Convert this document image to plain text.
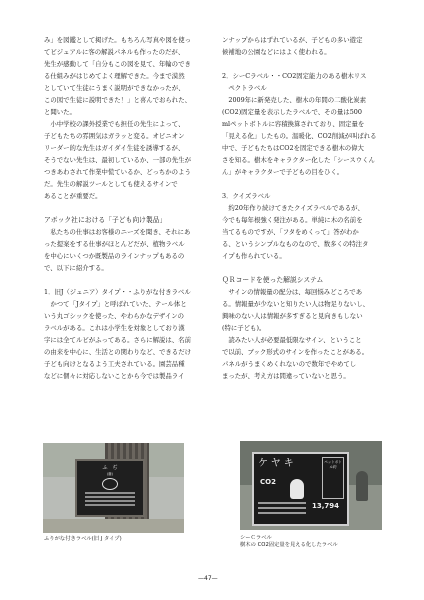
み」を図鑑として掲げた。もちろん写真や図を使っ

てビジュアルに客の解説パネルも作ったのだが、

先生が感動して「自分もこの図を見て、年輪のでき

る仕組みがはじめてよく理解できた。今まで漠然

としていて生徒にうまく説明ができなかったが、

この図で生徒に説明できた！」と喜んでおられた、

と聞いた。

小中学校の課外授業でも担任の先生によって、

子どもたちの雰囲気はガラッと変る。オピニオン

リーダー的な先生はガイダイ生徒を誘導するが、

そうでない先生は、最初しているか、一部の先生が

つきあわされて作業中慌ているか、どっちかのよう

だ。先生の解説ツールとしても使えるサインで

あることが重要だ。

アボック社における「子ども向け製品」

私たちの仕事はお客様のニーズを聞き、それにあ

った提案をする仕事がほとんどだが、植物ラベル

を中心にいくつか既製品のラインナップもあるの

で、以下に紹介する。

1．旧J（ジュニア）タイプ・・ふりがな付きラベル

かつて「Jタイプ」と呼ばれていた、テール体と

いう丸ゴシックを使った、やわらかなデザインの

ラベルがある。これは小学生を対象としており漢

字には全てルビがふってある。さらに解説は、名前

の由来を中心に、生活との関わりなど、できるだけ

子ども向けとなるよう工夫されている。園芸品種

などに個々に対応しないことから今では製品ライ

ンナップからはずれているが、子どもの多い遊定

候補地の公園などにはよく使われる。

2．シーCラベル・・CO2固定能力のある樹木リス

ペクトラベル

2009年に新発売した、樹木の年間の二酸化炭素

(CO2)固定量を表示したラベルで、その量は500

mlペットボトルに容積換算されており、固定量を

「見える化」したもの。温暖化、CO2削減が叫ばれる

中で、子どもたちはCO2を固定できる樹木の偉大

さを知る。樹木をキャラクター化した「シースウくん

ん」がキャラクターで子どもの目をひく。

3．クイズラベル

約20年作り続けてきたクイズラベルであるが、

今でも毎年根強く発注がある。単純に木の名前を

当てるものですが、「フタをめくって」答がわか

る、というシンプルなものなので、数多くの特注タ

イプも作られている。

ＱＲコードを使った解説システム

サインの情報量の配分は、毎回悩みどころであ

る。情報量が少ないと知りたい人は物足りないし、

興味のない人は情報が多すぎると見向きもしない

(特に子ども)。

読みたい人が必要最低限なサイン、ということ

で以前、ブック形式のサインを作ったことがある。

パネルがうまくめくれないので数年でやめてし

まったが、考え方は間違っていないと思う。

ふ　ぢ
(藤)
ふりがな付きラベル(旧 J タイプ)
ケヤキ
CO2
ペットボトル約
13,794
シーＣラベル
樹木の CO2固定量を見える化したラベル
—47—
